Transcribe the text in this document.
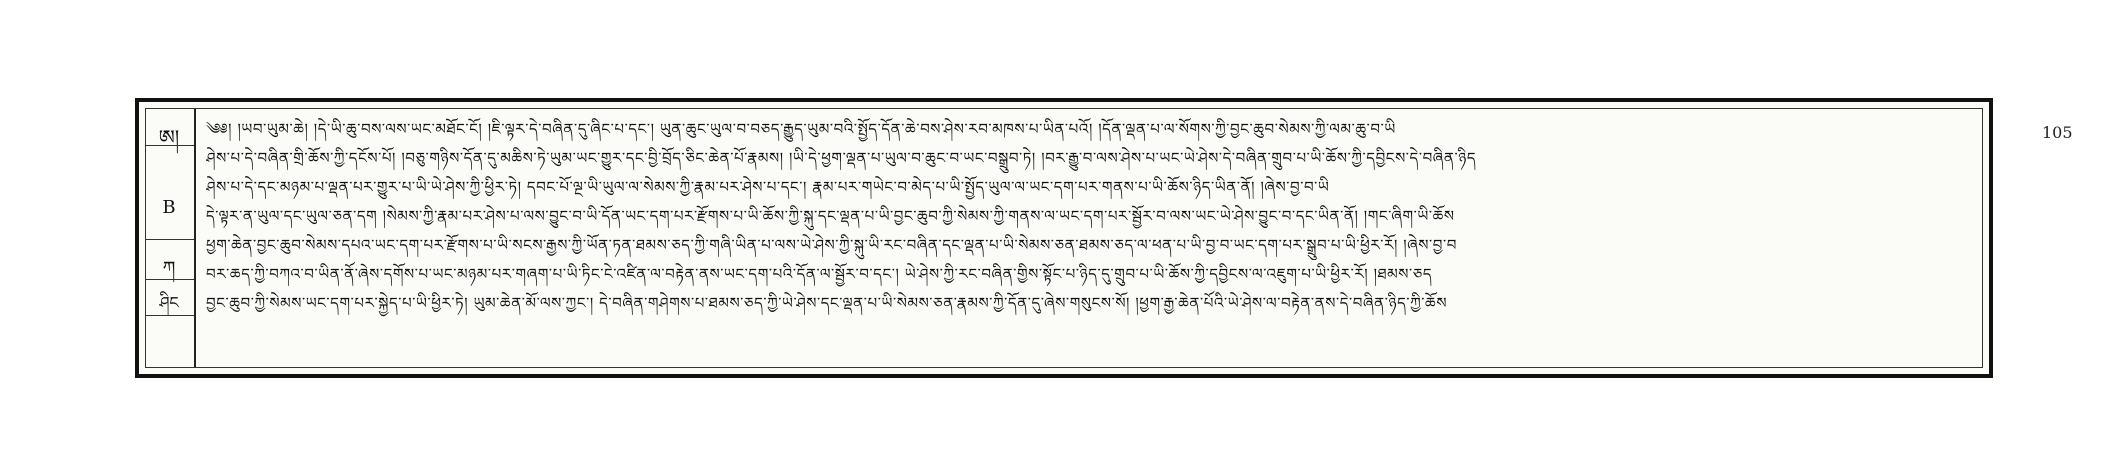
105
ཨ།
B
ཀ
ཤིང
༄༅། །ཡབ་ཡུམ་ཆེ། །དེ་ཡི་ཆུ་བས་ལས་ཡང་མཐོང་ངོ། །ཇི་ལྟར་དེ་བཞིན་དུ་ཞིང་པ་དང་། ཡུན་ཆུང་ཡུལ་བ་བཅད་རྒྱུད་ཡུམ་བའི་སྤྱོད་དོན་ཆེ་བས་ཤེས་རབ་མཁས་པ་ཡིན་པའོ། །དོན་ལྡན་པ་ལ་སོགས་ཀྱི་བྱང་ཆུབ་སེམས་ཀྱི་ལམ་ཆུ་བ་ཡི
ཤེས་པ་དེ་བཞིན་གྲི་ཆོས་ཀྱི་དངོས་པོ། །བཅུ་གཉིས་དོན་དུ་མཆིས་ཏེ་ཡུམ་ཡང་གྱུར་དང་བྱི་བྲོད་ཅིང་ཆེན་པོ་རྣམས། །ཡི་དེ་ཕྱག་ལྡན་པ་ཡུལ་བ་ཆུང་བ་ཡང་བསྒྲུབ་ཏེ། །བར་རྒྱུ་བ་ལས་ཤེས་པ་ཡང་ཡེ་ཤེས་དེ་བཞིན་གྲུབ་པ་ཡི་ཆོས་ཀྱི་དབྱིངས་དེ་བཞིན་ཉིད
ཤེས་པ་དེ་དང་མཉམ་པ་ལྡན་པར་གྱུར་པ་ཡི་ཡེ་ཤེས་ཀྱི་ཕྱིར་ཏེ། དབང་པོ་ལྔ་ཡི་ཡུལ་ལ་སེམས་ཀྱི་རྣམ་པར་ཤེས་པ་དང་། རྣམ་པར་གཡེང་བ་མེད་པ་ཡི་སྤྱོད་ཡུལ་ལ་ཡང་དག་པར་གནས་པ་ཡི་ཆོས་ཉིད་ཡིན་ནོ། །ཞེས་བྱ་བ་ཡི
དེ་ལྟར་ན་ཡུལ་དང་ཡུལ་ཅན་དག །སེམས་ཀྱི་རྣམ་པར་ཤེས་པ་ལས་བྱུང་བ་ཡི་དོན་ཡང་དག་པར་རྫོགས་པ་ཡི་ཆོས་ཀྱི་སྐུ་དང་ལྡན་པ་ཡི་བྱང་ཆུབ་ཀྱི་སེམས་ཀྱི་གནས་ལ་ཡང་དག་པར་སྦྱོར་བ་ལས་ཡང་ཡེ་ཤེས་བྱུང་བ་དང་ཡིན་ནོ། །གང་ཞིག་ཡི་ཆོས
ཕྱག་ཆེན་བྱང་ཆུབ་སེམས་དཔའ་ཡང་དག་པར་རྫོགས་པ་ཡི་སངས་རྒྱས་ཀྱི་ཡོན་ཏན་ཐམས་ཅད་ཀྱི་གཞི་ཡིན་པ་ལས་ཡེ་ཤེས་ཀྱི་སྐུ་ཡི་རང་བཞིན་དང་ལྡན་པ་ཡི་སེམས་ཅན་ཐམས་ཅད་ལ་ཕན་པ་ཡི་བྱ་བ་ཡང་དག་པར་སྒྲུབ་པ་ཡི་ཕྱིར་རོ། །ཞེས་བྱ་བ
བར་ཆད་ཀྱི་བཀའ་བ་ཡིན་ནོ་ཞེས་དགོས་པ་ཡང་མཉམ་པར་གཞག་པ་ཡི་ཏིང་ངེ་འཛིན་ལ་བརྟེན་ནས་ཡང་དག་པའི་དོན་ལ་སྦྱོར་བ་དང་། ཡེ་ཤེས་ཀྱི་རང་བཞིན་གྱིས་སྟོང་པ་ཉིད་དུ་གྲུབ་པ་ཡི་ཆོས་ཀྱི་དབྱིངས་ལ་འཇུག་པ་ཡི་ཕྱིར་རོ། །ཐམས་ཅད
བྱང་ཆུབ་ཀྱི་སེམས་ཡང་དག་པར་སྐྱེད་པ་ཡི་ཕྱིར་ཏེ། ཡུམ་ཆེན་མོ་ལས་ཀྱང་། དེ་བཞིན་གཤེགས་པ་ཐམས་ཅད་ཀྱི་ཡེ་ཤེས་དང་ལྡན་པ་ཡི་སེམས་ཅན་རྣམས་ཀྱི་དོན་དུ་ཞེས་གསུངས་སོ། །ཕྱག་རྒྱ་ཆེན་པོའི་ཡེ་ཤེས་ལ་བརྟེན་ནས་དེ་བཞིན་ཉིད་ཀྱི་ཆོས
